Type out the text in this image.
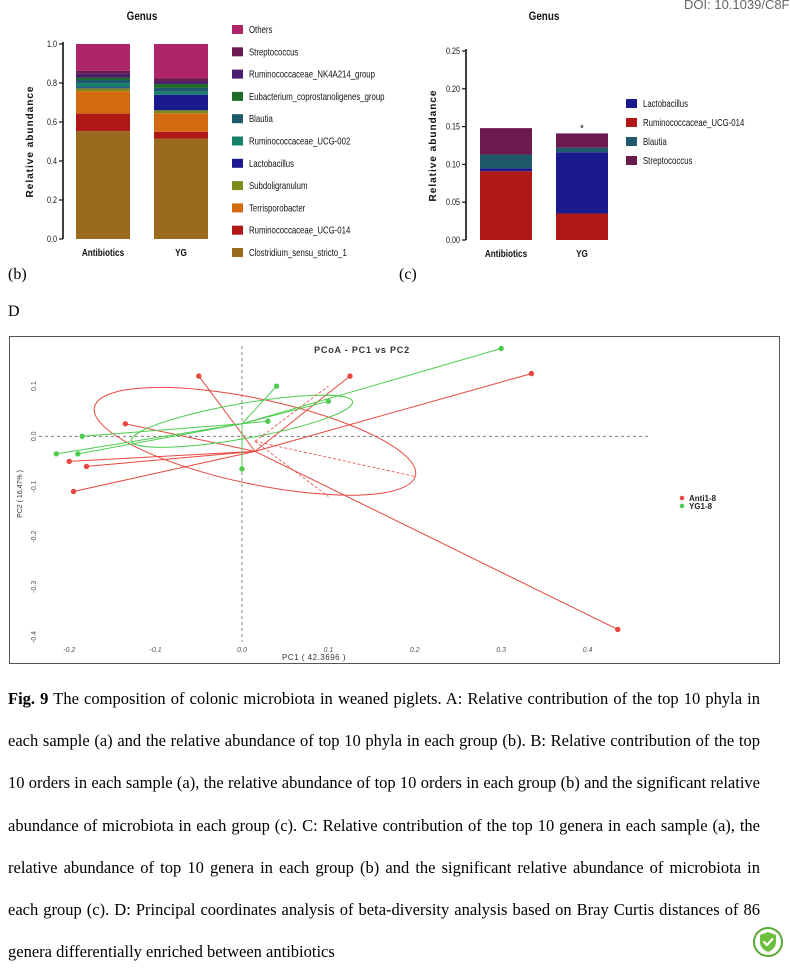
DOI: 10.1039/C8F
Genus
Relative abundance
0.0
0.2
0.4
0.6
0.8
1.0
Antibiotics	YG
Others
Streptococcus
Ruminococcaceae_NK4A214_group
Eubacterium_coprostanoligenes_group
Blautia
Ruminococcaceae_UCG-002
Lactobacillus
Subdoligranulum
Terrisporobacter
Ruminococcaceae_UCG-014
Clostridium_sensu_stricto_1
(b)
Genus
Relative abundance
0.00
0.05
0.10
0.15
0.20
0.25
Antibiotics	YG
*
Lactobacillus
Ruminococcaceae_UCG-014
Blautia
Streptococcus
(c)
D
PCoA - PC1 vs PC2
-0.2	-0.1	0.0	0.1	0.2	0.3	0.4
0.1
0.0
-0.1
-0.2
-0.3
-0.4
PC1 ( 42.3696 )
PC2 ( 16.47% )	Anti1-8
YG1-8
Fig. 9 The composition of colonic microbiota in weaned piglets. A: Relative contribution of the top 10 phyla in each sample (a) and the relative abundance of top 10 phyla in each group (b). B: Relative contribution of the top 10 orders in each sample (a), the relative abundance of top 10 orders in each group (b) and the significant relative abundance of microbiota in each group (c). C: Relative contribution of the top 10 genera in each sample (a), the relative abundance of top 10 genera in each group (b) and the significant relative abundance of microbiota in each group (c). D: Principal coordinates analysis of beta-diversity analysis based on Bray Curtis distances of 86 genera differentially enriched between antibiotics
